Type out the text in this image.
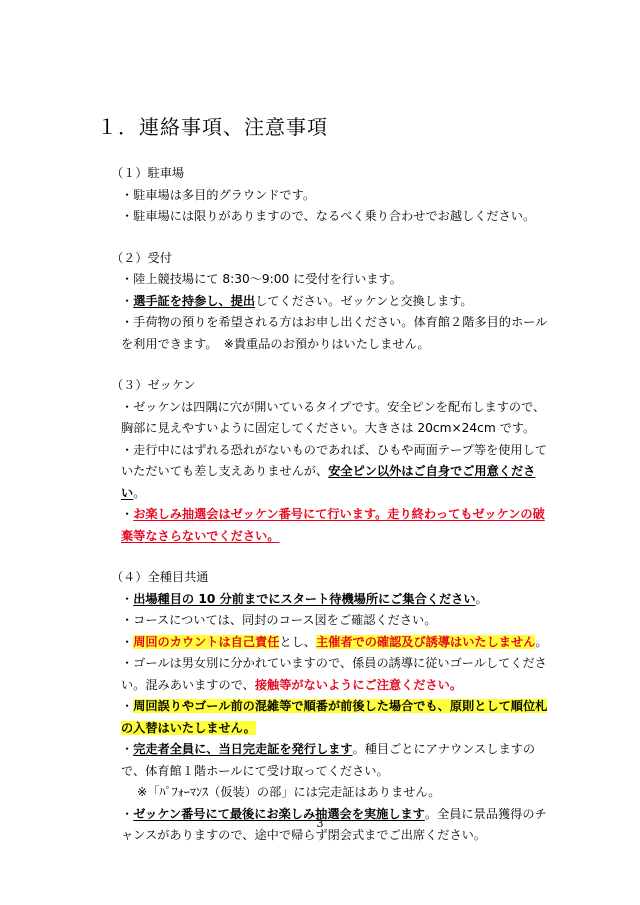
１．連絡事項、注意事項

（１）駐車場

・駐車場は多目的グラウンドです。

・駐車場には限りがありますので、なるべく乗り合わせでお越しください。

（２）受付

・陸上競技場にて 8:30～9:00 に受付を行います。

・選手証を持参し、提出してください。ゼッケンと交換します。

・手荷物の預りを希望される方はお申し出ください。体育館２階多目的ホールを利用できます。　※貴重品のお預かりはいたしません。

（３）ゼッケン

・ゼッケンは四隅に穴が開いているタイプです。安全ピンを配布しますので、胸部に見えやすいように固定してください。大きさは 20cm×24cm です。

・走行中にはずれる恐れがないものであれば、ひもや両面テープ等を使用していただいても差し支えありませんが、安全ピン以外はご自身でご用意ください。

・お楽しみ抽選会はゼッケン番号にて行います。走り終わってもゼッケンの破棄等なさらないでください。

（４）全種目共通

・出場種目の 10 分前までにスタート待機場所にご集合ください。

・コースについては、同封のコース図をご確認ください。

・周回のカウントは自己責任とし、主催者での確認及び誘導はいたしません。

・ゴールは男女別に分かれていますので、係員の誘導に従いゴールしてください。混みあいますので、接触等がないようにご注意ください。

・周回誤りやゴール前の混雑等で順番が前後した場合でも、原則として順位札の入替はいたしません。

・完走者全員に、当日完走証を発行します。種目ごとにアナウンスしますので、体育館１階ホールにて受け取ってください。

※「ﾊﾟﾌｫｰﾏﾝｽ（仮装）の部」には完走証はありません。

・ゼッケン番号にて最後にお楽しみ抽選会を実施します。全員に景品獲得のチャンスがありますので、途中で帰らず閉会式までご出席ください。

3
